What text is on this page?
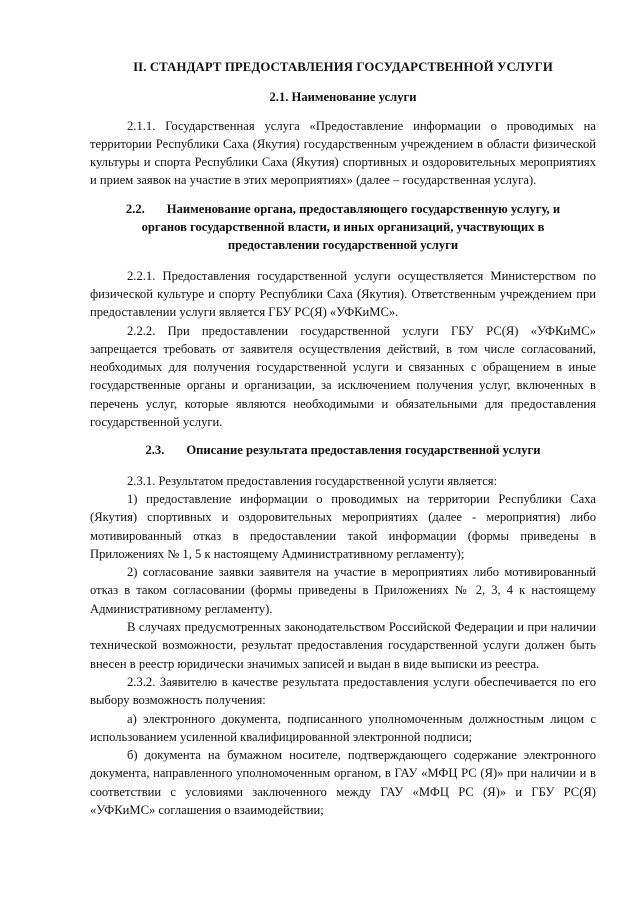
II. СТАНДАРТ ПРЕДОСТАВЛЕНИЯ ГОСУДАРСТВЕННОЙ УСЛУГИ
2.1. Наименование услуги

2.1.1. Государственная услуга «Предоставление информации о проводимых на территории Республики Саха (Якутия) государственным учреждением в области физической культуры и спорта Республики Саха (Якутия) спортивных и оздоровительных мероприятиях и прием заявок на участие в этих мероприятиях» (далее – государственная услуга).

2.2. Наименование органа, предоставляющего государственную услугу, и органов государственной власти, и иных организаций, участвующих в предоставлении государственной услуги

2.2.1. Предоставления государственной услуги осуществляется Министерством по физической культуре и спорту Республики Саха (Якутия). Ответственным учреждением при предоставлении услуги является ГБУ РС(Я) «УФКиМС».

2.2.2. При предоставлении государственной услуги ГБУ РС(Я) «УФКиМС» запрещается требовать от заявителя осуществления действий, в том числе согласований, необходимых для получения государственной услуги и связанных с обращением в иные государственные органы и организации, за исключением получения услуг, включенных в перечень услуг, которые являются необходимыми и обязательными для предоставления государственной услуги.

2.3. Описание результата предоставления государственной услуги

2.3.1. Результатом предоставления государственной услуги является:

1) предоставление информации о проводимых на территории Республики Саха (Якутия) спортивных и оздоровительных мероприятиях (далее - мероприятия) либо мотивированный отказ в предоставлении такой информации (формы приведены в Приложениях № 1, 5 к настоящему Административному регламенту);

2) согласование заявки заявителя на участие в мероприятиях либо мотивированный отказ в таком согласовании (формы приведены в Приложениях № 2, 3, 4 к настоящему Административному регламенту).

В случаях предусмотренных законодательством Российской Федерации и при наличии технической возможности, результат предоставления государственной услуги должен быть внесен в реестр юридически значимых записей и выдан в виде выписки из реестра.

2.3.2. Заявителю в качестве результата предоставления услуги обеспечивается по его выбору возможность получения:

а) электронного документа, подписанного уполномоченным должностным лицом с использованием усиленной квалифицированной электронной подписи;

б) документа на бумажном носителе, подтверждающего содержание электронного документа, направленного уполномоченным органом, в ГАУ «МФЦ РС (Я)» при наличии и в соответствии с условиями заключенного между ГАУ «МФЦ РС (Я)» и ГБУ РС(Я) «УФКиМС» соглашения о взаимодействии;
